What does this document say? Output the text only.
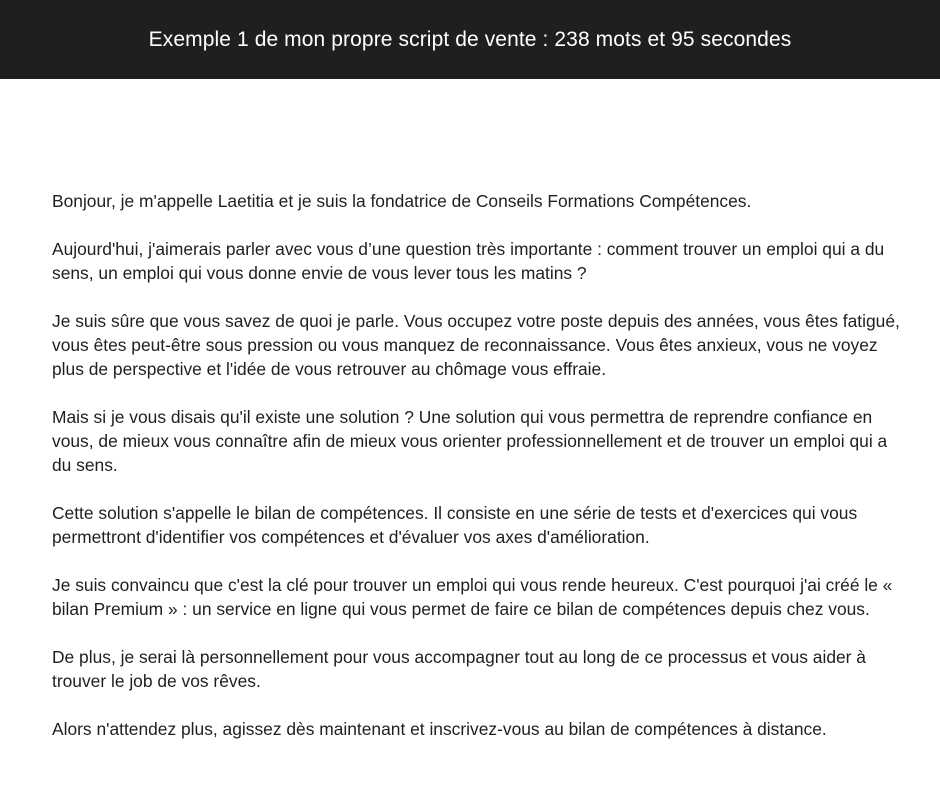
Exemple 1 de mon propre script de vente : 238 mots et 95 secondes

Bonjour, je m'appelle Laetitia et je suis la fondatrice de Conseils Formations Compétences.

Aujourd'hui, j'aimerais parler avec vous d’une question très importante : comment trouver un emploi qui a du sens, un emploi qui vous donne envie de vous lever tous les matins ?

Je suis sûre que vous savez de quoi je parle. Vous occupez votre poste depuis des années, vous êtes fatigué, vous êtes peut-être sous pression ou vous manquez de reconnaissance. Vous êtes anxieux, vous ne voyez plus de perspective et l'idée de vous retrouver au chômage vous effraie.

Mais si je vous disais qu'il existe une solution ? Une solution qui vous permettra de reprendre confiance en vous, de mieux vous connaître afin de mieux vous orienter professionnellement et de trouver un emploi qui a du sens.

Cette solution s'appelle le bilan de compétences. Il consiste en une série de tests et d'exercices qui vous permettront d'identifier vos compétences et d'évaluer vos axes d'amélioration.

Je suis convaincu que c'est la clé pour trouver un emploi qui vous rende heureux. C'est pourquoi j'ai créé le « bilan Premium » : un service en ligne qui vous permet de faire ce bilan de compétences depuis chez vous.

De plus, je serai là personnellement pour vous accompagner tout au long de ce processus et vous aider à trouver le job de vos rêves.

Alors n'attendez plus, agissez dès maintenant et inscrivez-vous au bilan de compétences à distance.
